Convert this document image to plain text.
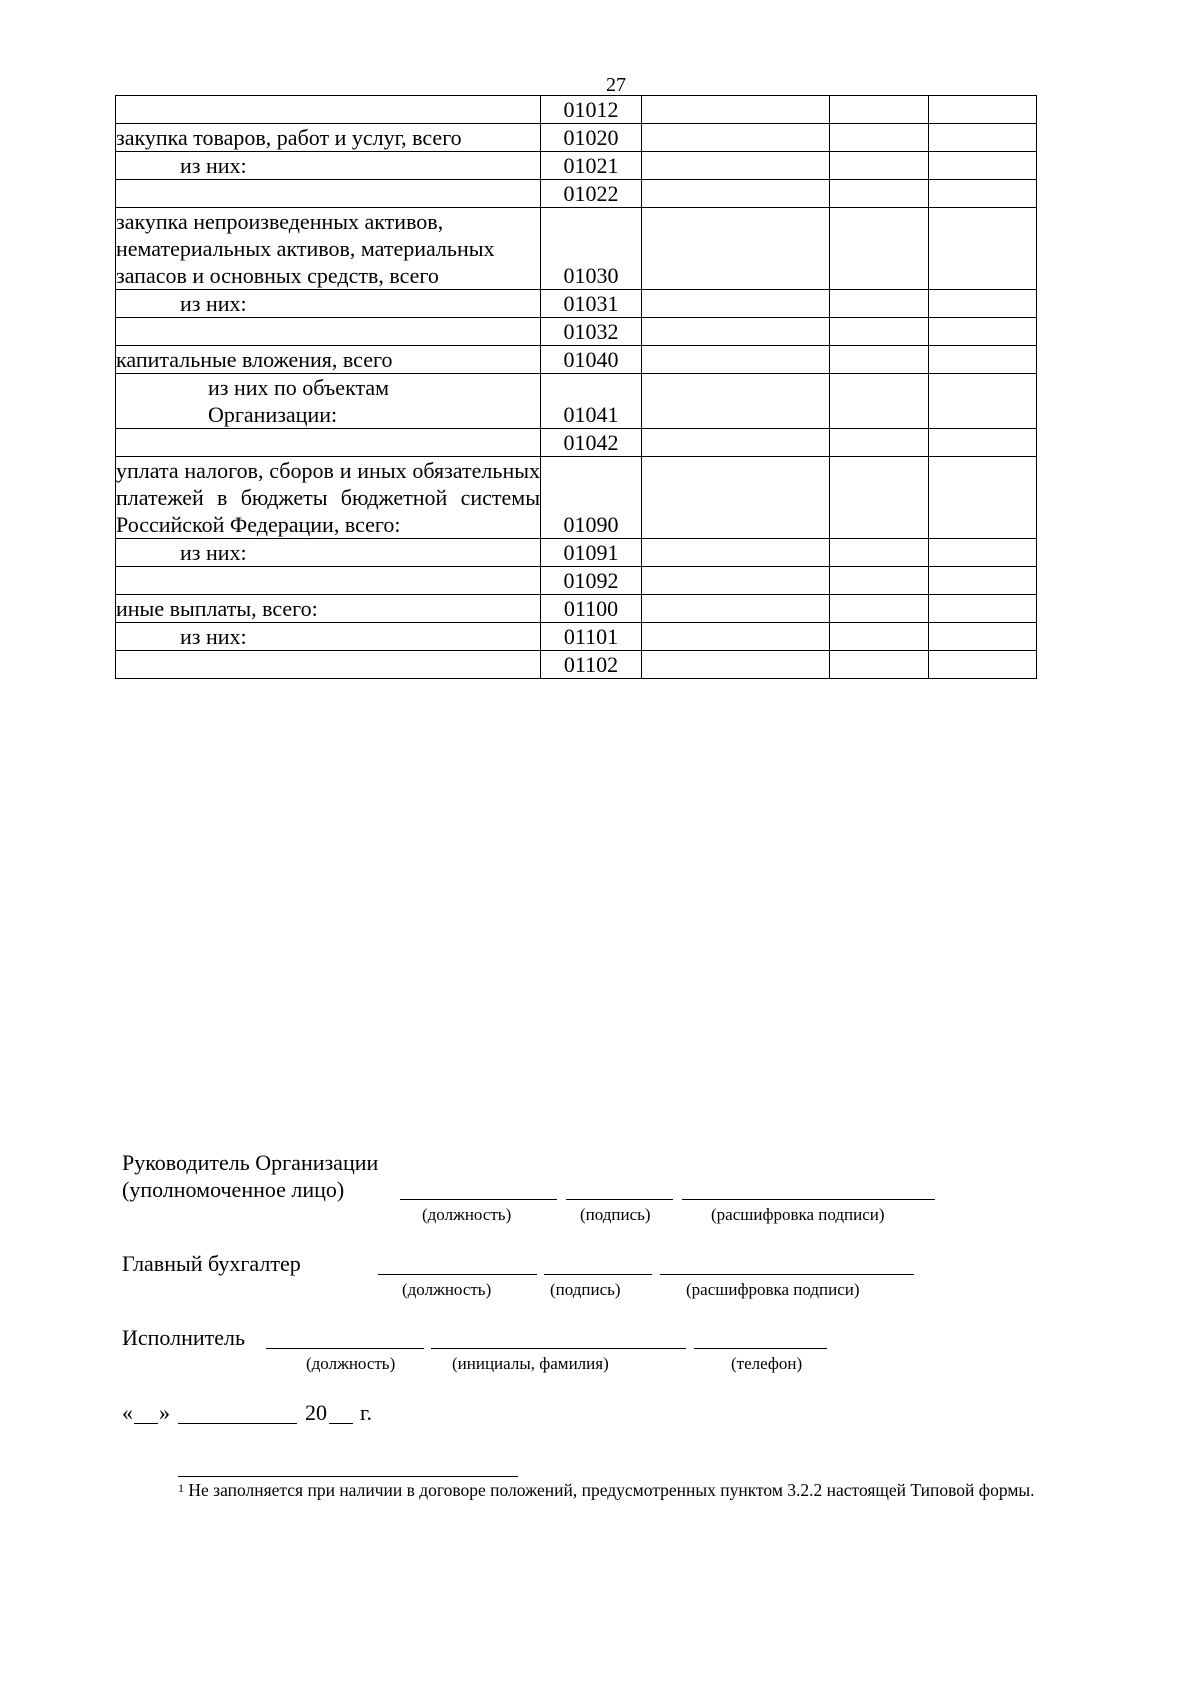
27
	01012			
закупка товаров, работ и услуг, всего	01020			
из них:	01021			
	01022			
закупка непроизведенных активов, нематериальных активов, материальных запасов и основных средств, всего	01030			
из них:	01031			
	01032			
капитальные вложения, всего	01040			
из них по объектам Организации:	01041			
	01042			
уплата налогов, сборов и иных обязательных платежей в бюджеты бюджетной системы Российской Федерации, всего:	01090			
из них:	01091			
	01092			
иные выплаты, всего:	01100			
из них:	01101			
	01102			
Руководитель Организации
(уполномоченное лицо)
(должность)	(подпись)	(расшифровка подписи)
Главный бухгалтер
(должность)	(подпись)	(расшифровка подписи)
Исполнитель
(должность)	(инициалы, фамилия)	(телефон)
« »	20 г.
$^1$ Не заполняется при наличии в договоре положений, предусмотренных пунктом 3.2.2 настоящей Типовой формы.
